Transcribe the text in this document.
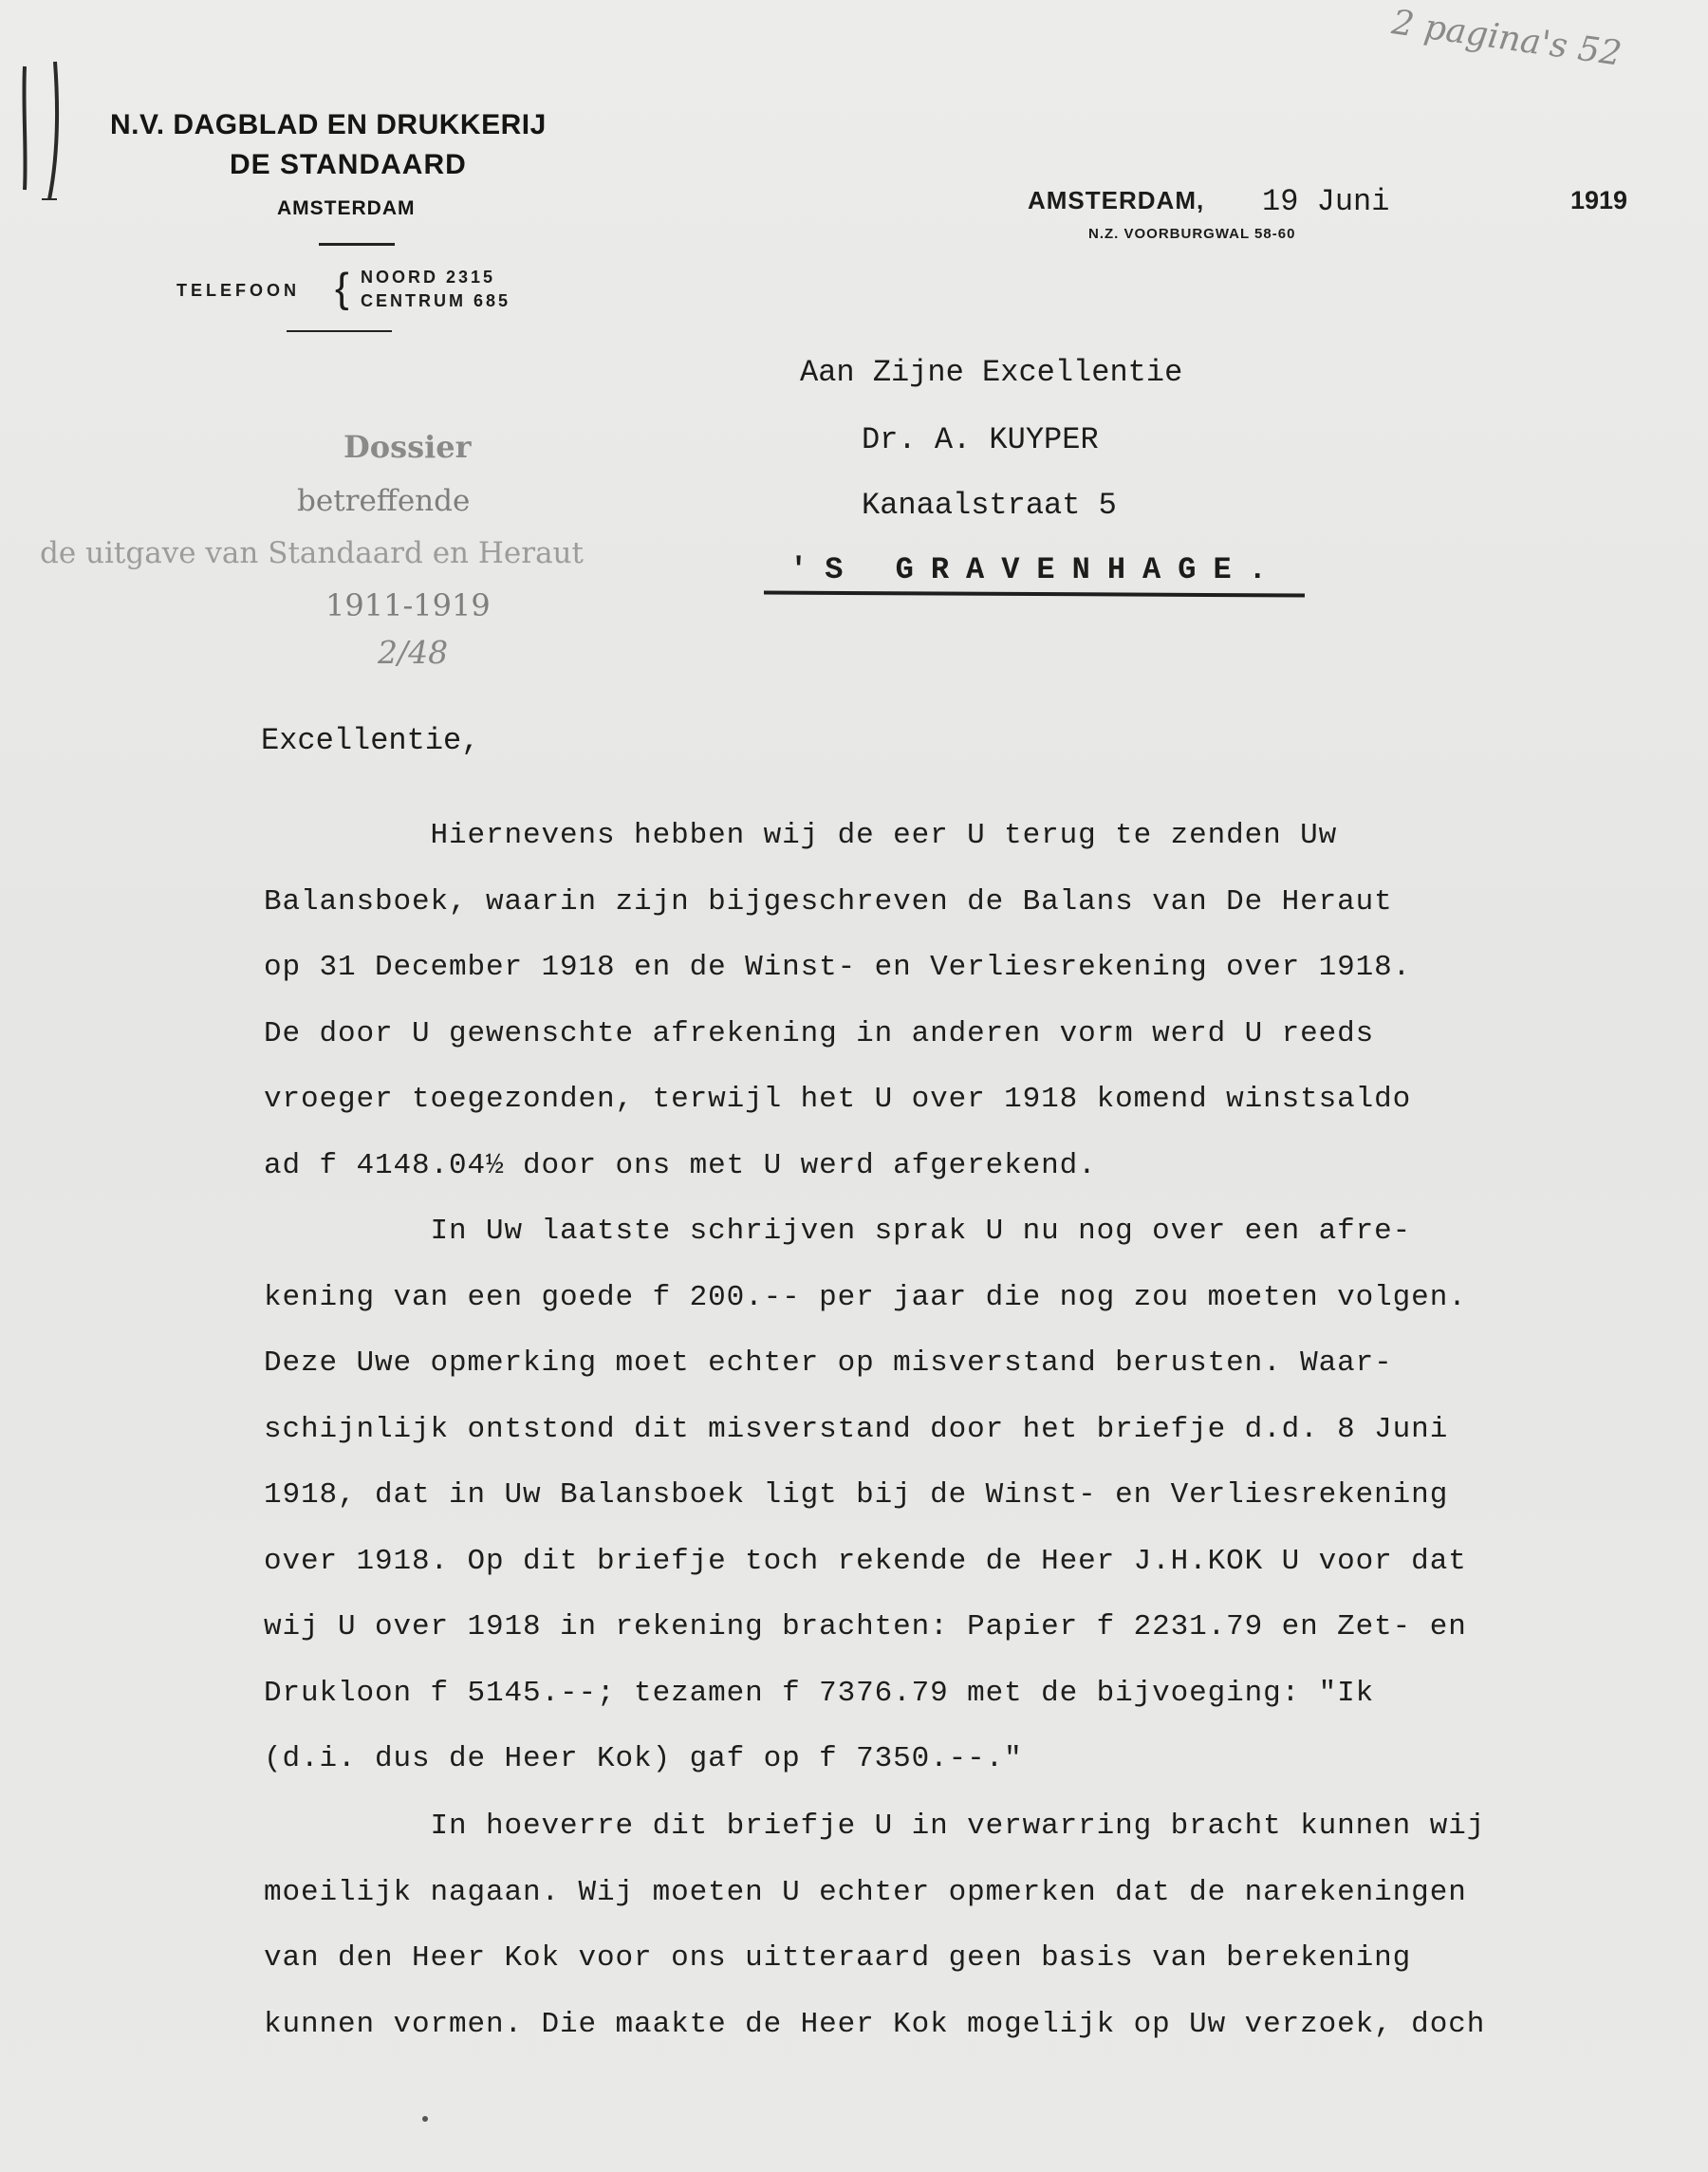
2 pagina's 52
N.V. DAGBLAD EN DRUKKERIJ
DE STANDAARD
AMSTERDAM
TELEFOON { NOORD 2315
CENTRUM 685
AMSTERDAM, 19 Juni	1919
N.Z. VOORBURGWAL 58-60
Aan Zijne Excellentie
Dr. A. KUYPER
Kanaalstraat 5
'S GRAVENHAGE.
Dossier
betreffende
de uitgave van Standaard en Heraut
1911-1919
2/48
Excellentie,
Hiernevens hebben wij de eer U terug te zenden Uw
Balansboek, waarin zijn bijgeschreven de Balans van De Heraut
op 31 December 1918 en de Winst- en Verliesrekening over 1918.
De door U gewenschte afrekening in anderen vorm werd U reeds
vroeger toegezonden, terwijl het U over 1918 komend winstsaldo
ad f 4148.04½ door ons met U werd afgerekend.
In Uw laatste schrijven sprak U nu nog over een afre-
kening van een goede f 200.-- per jaar die nog zou moeten volgen.
Deze Uwe opmerking moet echter op misverstand berusten. Waar-
schijnlijk ontstond dit misverstand door het briefje d.d. 8 Juni
1918, dat in Uw Balansboek ligt bij de Winst- en Verliesrekening
over 1918. Op dit briefje toch rekende de Heer J.H.KOK U voor dat
wij U over 1918 in rekening brachten: Papier f 2231.79 en Zet- en
Drukloon f 5145.--; tezamen f 7376.79 met de bijvoeging: "Ik
(d.i. dus de Heer Kok) gaf op f 7350.--."
In hoeverre dit briefje U in verwarring bracht kunnen wij
moeilijk nagaan. Wij moeten U echter opmerken dat de narekeningen
van den Heer Kok voor ons uitteraard geen basis van berekening
kunnen vormen. Die maakte de Heer Kok mogelijk op Uw verzoek, doch
